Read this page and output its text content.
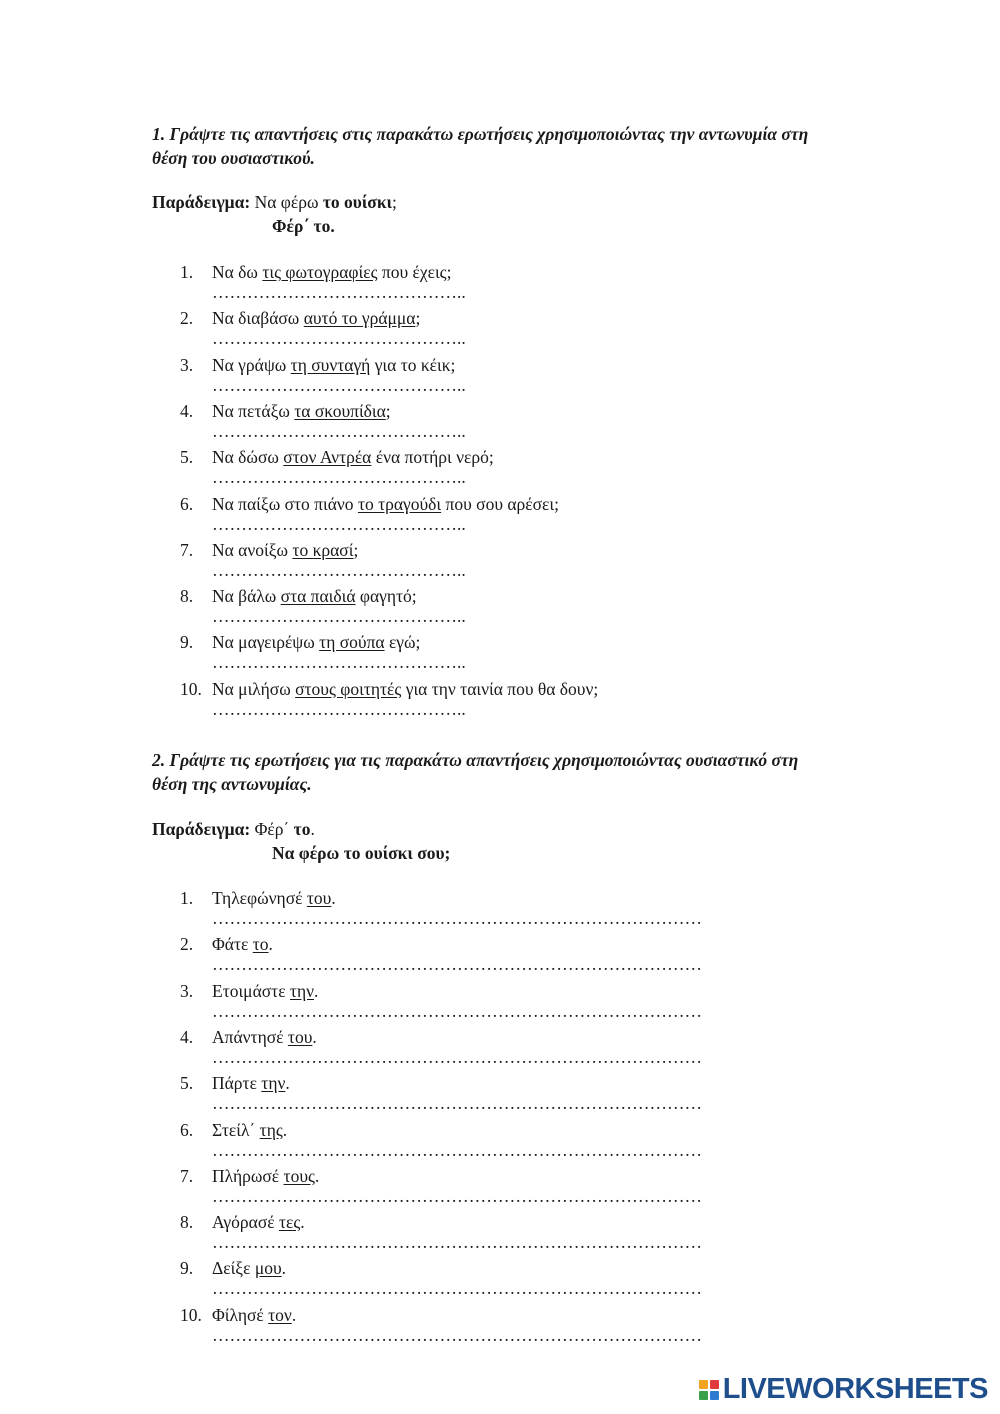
1. Γράψτε τις απαντήσεις στις παρακάτω ερωτήσεις χρησιμοποιώντας την αντωνυμία στη θέση του ουσιαστικού.
Παράδειγμα: Να φέρω το ουίσκι;
Φέρ΄ το.
1. Να δω τις φωτογραφίες που έχεις;
……………………………………..
2. Να διαβάσω αυτό το γράμμα;
……………………………………..
3. Να γράψω τη συνταγή για το κέικ;
……………………………………..
4. Να πετάξω τα σκουπίδια;
……………………………………..
5. Να δώσω στον Αντρέα ένα ποτήρι νερό;
……………………………………..
6. Να παίξω στο πιάνο το τραγούδι που σου αρέσει;
……………………………………..
7. Να ανοίξω το κρασί;
……………………………………..
8. Να βάλω στα παιδιά φαγητό;
……………………………………..
9. Να μαγειρέψω τη σούπα εγώ;
……………………………………..
10. Να μιλήσω στους φοιτητές για την ταινία που θα δουν;
……………………………………..
2. Γράψτε τις ερωτήσεις για τις παρακάτω απαντήσεις χρησιμοποιώντας ουσιαστικό στη θέση της αντωνυμίας.
Παράδειγμα: Φέρ΄ το.
Να φέρω το ουίσκι σου;
1. Τηλεφώνησέ του.
…………………………………………………………………………
2. Φάτε το.
…………………………………………………………………………
3. Ετοιμάστε την.
…………………………………………………………………………
4. Απάντησέ του.
…………………………………………………………………………
5. Πάρτε την.
…………………………………………………………………………
6. Στείλ΄ της.
…………………………………………………………………………
7. Πλήρωσέ τους.
…………………………………………………………………………
8. Αγόρασέ τες.
…………………………………………………………………………
9. Δείξε μου.
…………………………………………………………………………
10. Φίλησέ τον.
…………………………………………………………………………
LIVEWORKSHEETS
